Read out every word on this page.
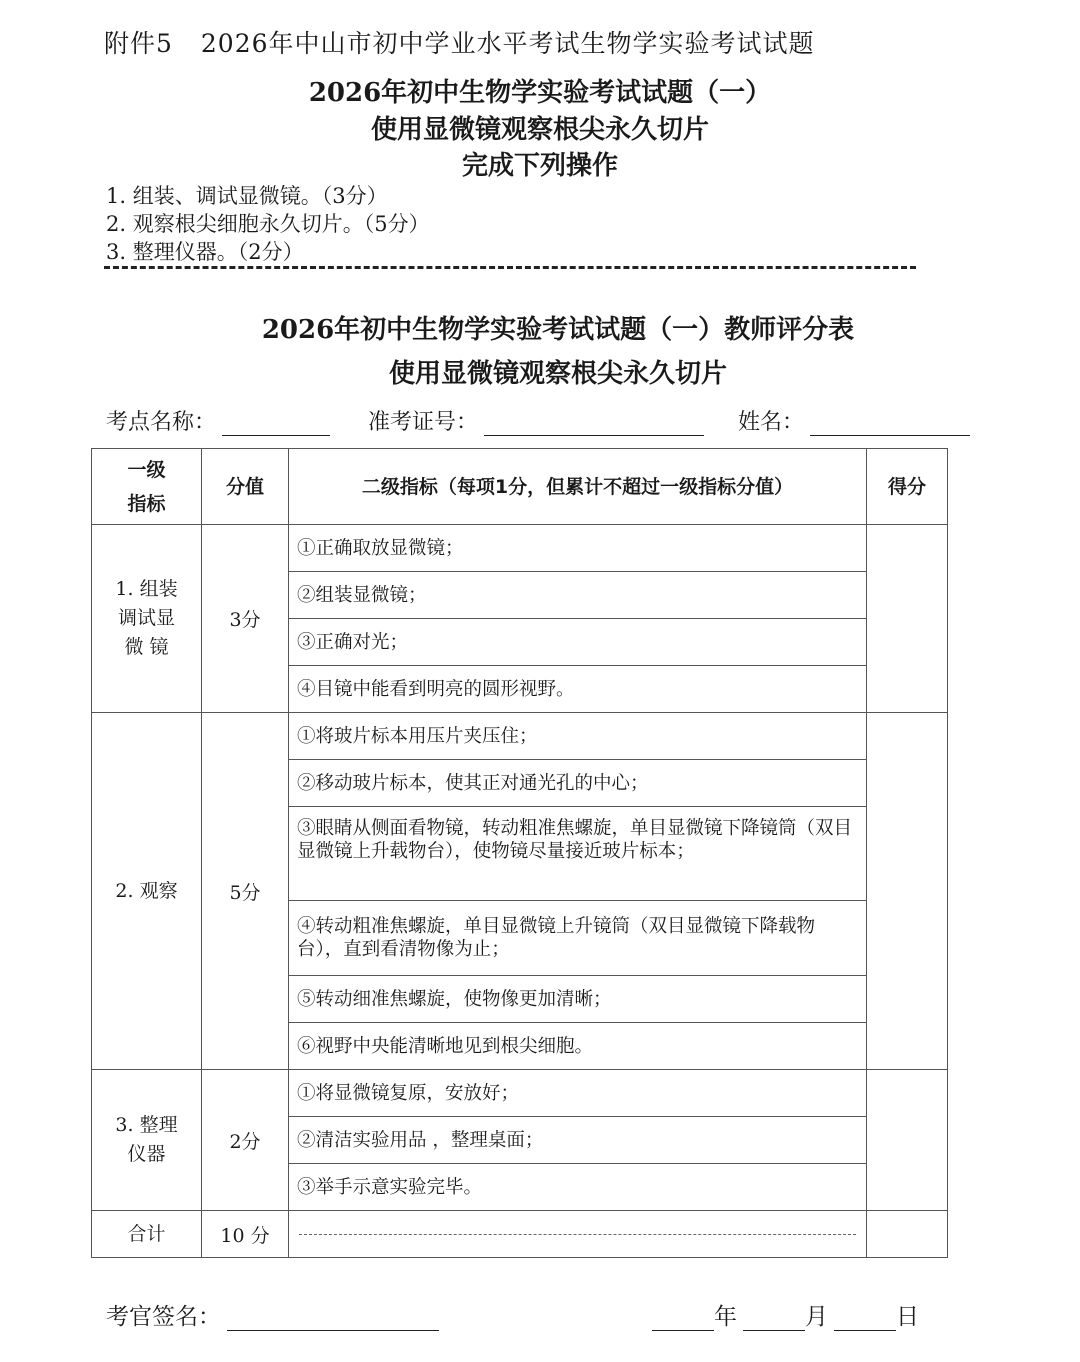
附件5 2026年中山市初中学业水平考试生物学实验考试试题
2026年初中生物学实验考试试题（一）
使用显微镜观察根尖永久切片
完成下列操作
1. 组装、调试显微镜。（3分）
2. 观察根尖细胞永久切片。（5分）
3. 整理仪器。（2分）
2026年初中生物学实验考试试题（一）教师评分表
使用显微镜观察根尖永久切片
考点名称：	准考证号：	姓名：
一级
指标	分值	二级指标（每项1分，但累计不超过一级指标分值）	得分
1. 组装
调试显
微 镜	3分	①正确取放显微镜；	
		②组装显微镜；	
		③正确对光；	
		④目镜中能看到明亮的圆形视野。	
2. 观察	5分	①将玻片标本用压片夹压住；	
		②移动玻片标本，使其正对通光孔的中心；	
		③眼睛从侧面看物镜，转动粗准焦螺旋，单目显微镜下降镜筒（双目显微镜上升载物台），使物镜尽量接近玻片标本；	
		④转动粗准焦螺旋，单目显微镜上升镜筒（双目显微镜下降载物台），直到看清物像为止；	
		⑤转动细准焦螺旋，使物像更加清晰；	
		⑥视野中央能清晰地见到根尖细胞。	
3. 整理
仪器	2分	①将显微镜复原，安放好；	
		②清洁实验用品 ，整理桌面；	
		③举手示意实验完毕。	
合计	10 分	

考官签名：	年	月	日
